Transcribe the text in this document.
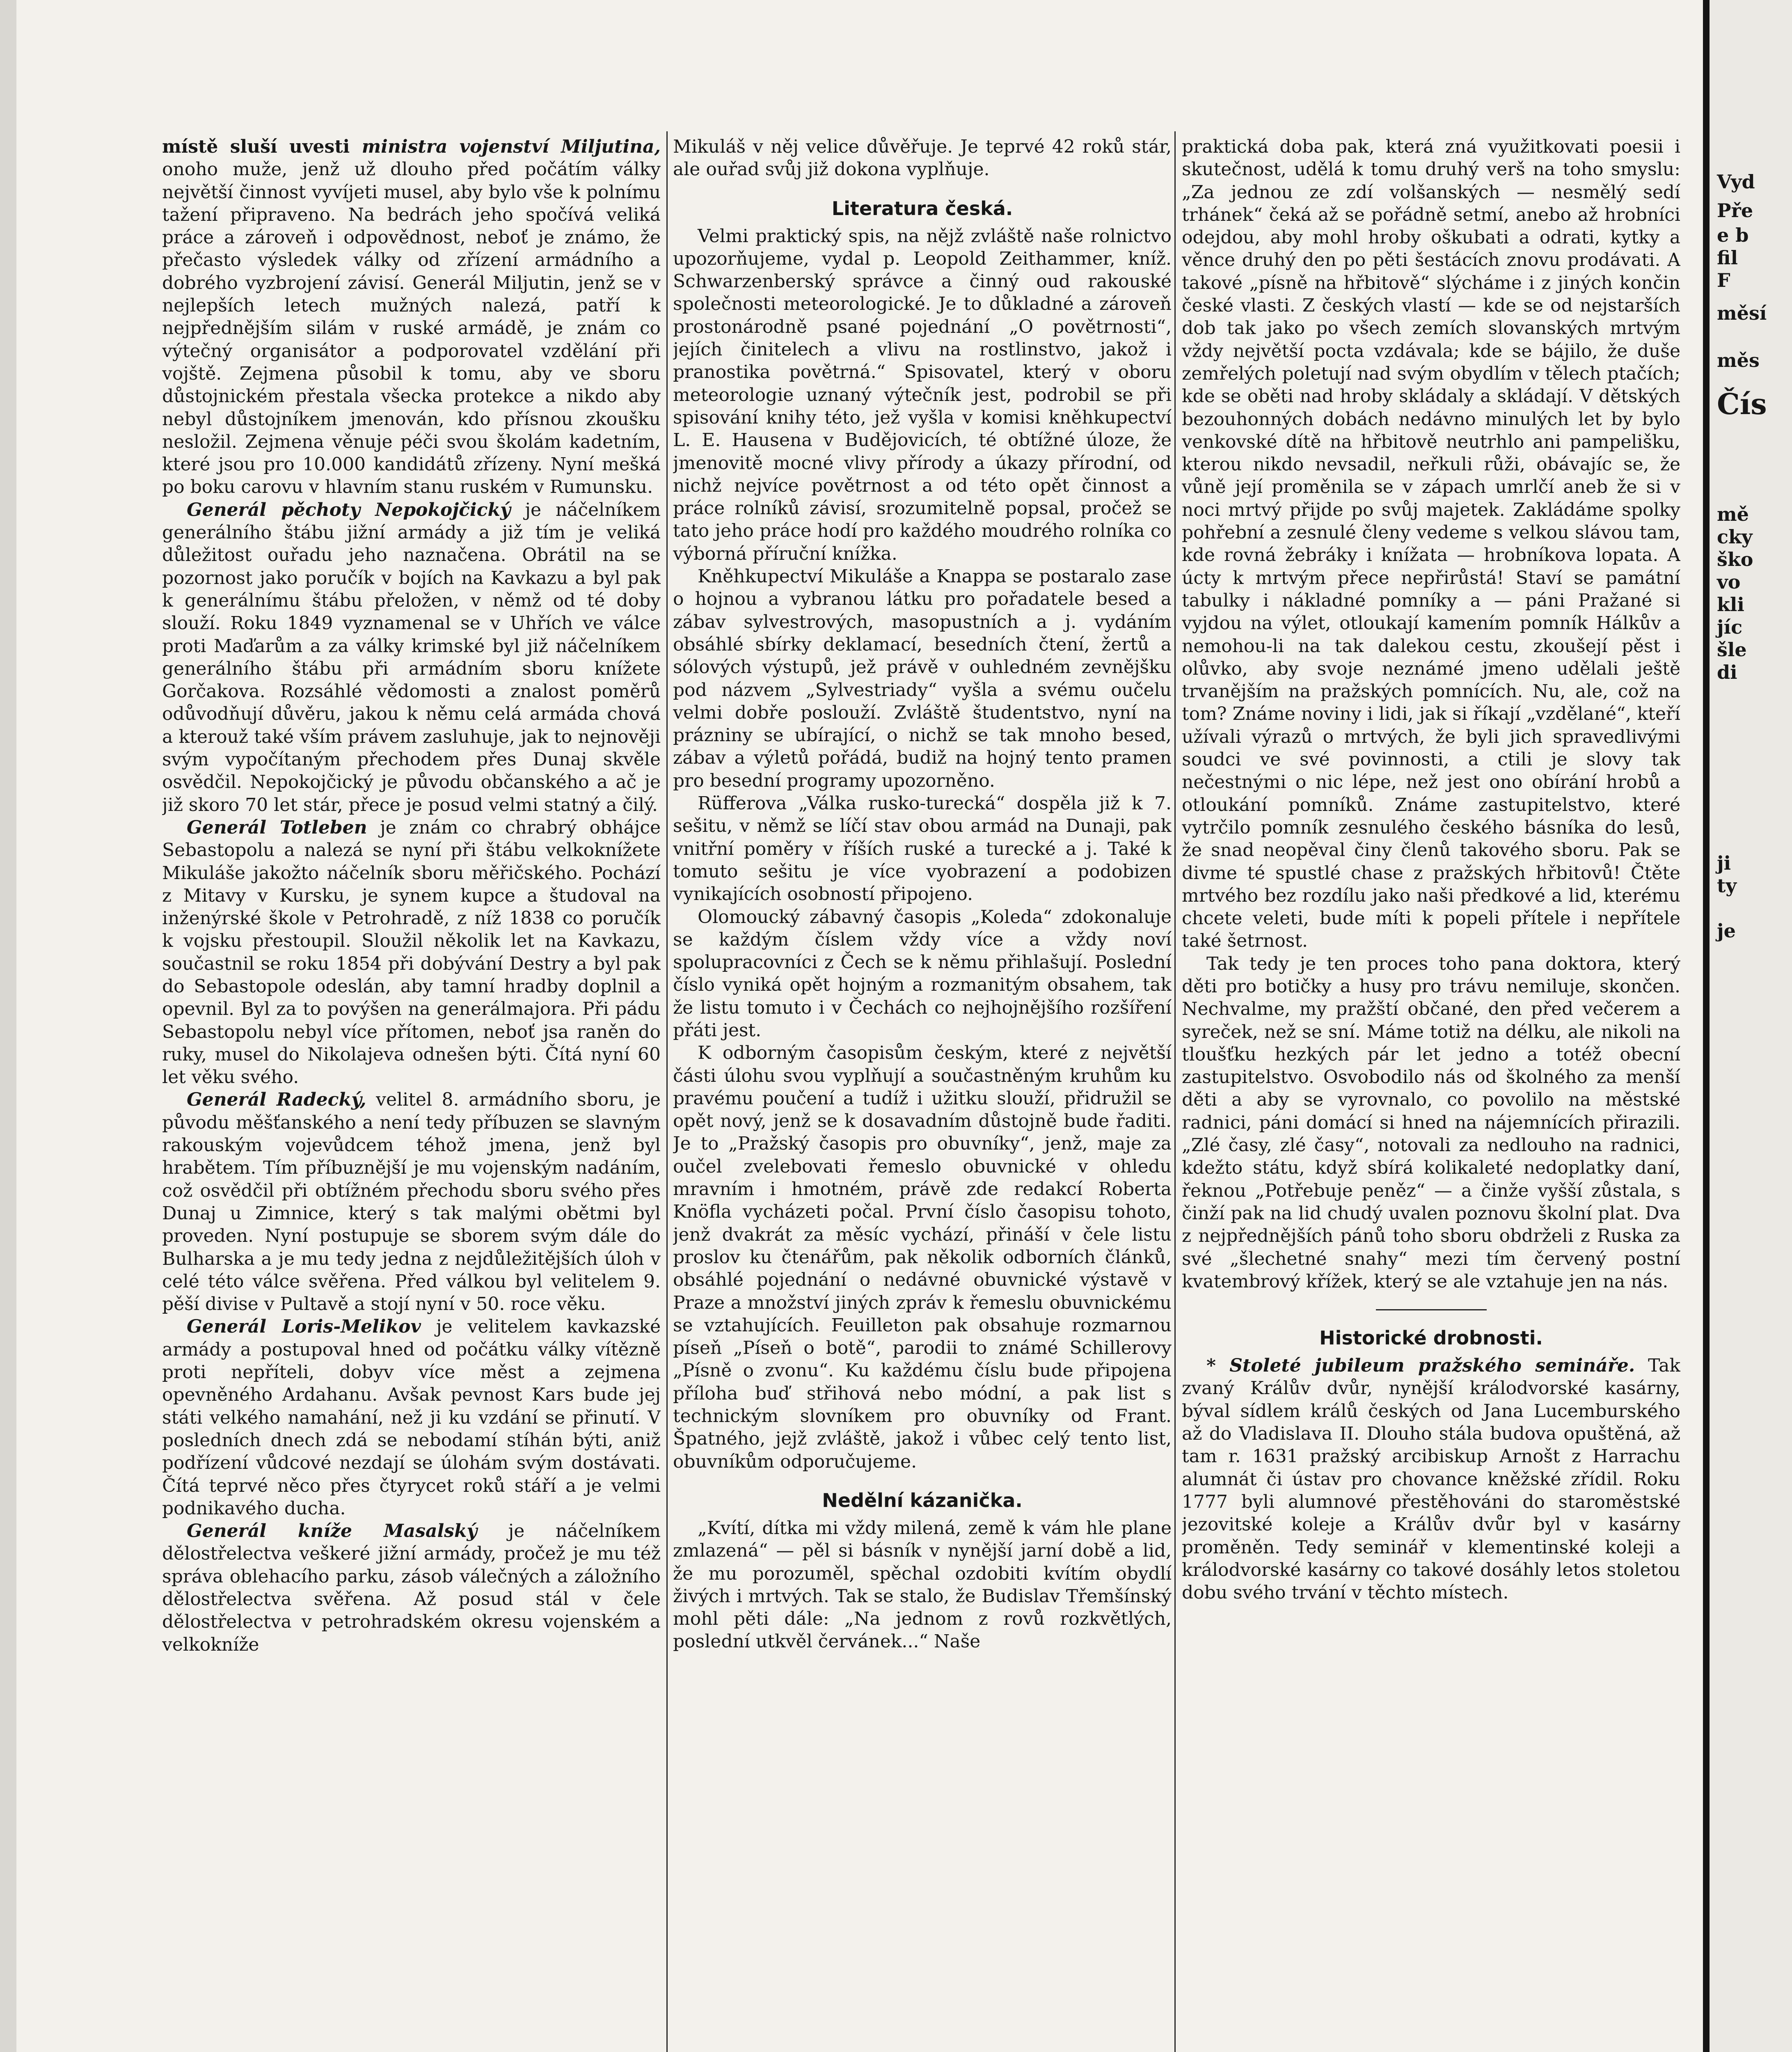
místě sluší uvesti ministra vojenství Miljutina, onoho muže, jenž už dlouho před počátím války největší činnost vyvíjeti musel, aby bylo vše k polnímu tažení připraveno. Na bedrách jeho spočívá veliká práce a zároveň i odpovědnost, neboť je známo, že přečasto výsledek války od zřízení armádního a dobrého vyzbrojení závisí. Generál Miljutin, jenž se v nejlepších letech mužných nalezá, patří k nejpřednějším silám v ruské armádě, je znám co výtečný organisátor a podporovatel vzdělání při vojště. Zejmena působil k tomu, aby ve sboru důstojnickém přestala všecka protekce a nikdo aby nebyl důstojníkem jmenován, kdo přísnou zkoušku nesložil. Zejmena věnuje péči svou školám kadetním, které jsou pro 10.000 kandidátů zřízeny. Nyní mešká po boku carovu v hlavním stanu ruském v Rumunsku.

Generál pěchoty Nepokojčický je náčelníkem generálního štábu jižní armády a již tím je veliká důležitost ouřadu jeho naznačena. Obrátil na se pozornost jako poručík v bojích na Kavkazu a byl pak k generálnímu štábu přeložen, v němž od té doby slouží. Roku 1849 vyznamenal se v Uhřích ve válce proti Maďarům a za války krimské byl již náčelníkem generálního štábu při armádním sboru knížete Gorčakova. Rozsáhlé vědomosti a znalost poměrů odůvodňují důvěru, jakou k němu celá armáda chová a kterouž také vším právem zasluhuje, jak to nejnověji svým vypočítaným přechodem přes Dunaj skvěle osvědčil. Nepokojčický je původu občanského a ač je již skoro 70 let stár, přece je posud velmi statný a čilý.

Generál Totleben je znám co chrabrý obhájce Sebastopolu a nalezá se nyní při štábu velkoknížete Mikuláše jakožto náčelník sboru měřičského. Pochází z Mitavy v Kursku, je synem kupce a študoval na inženýrské škole v Petrohradě, z níž 1838 co poručík k vojsku přestoupil. Sloužil několik let na Kavkazu, součastnil se roku 1854 při dobývání Destry a byl pak do Sebastopole odeslán, aby tamní hradby doplnil a opevnil. Byl za to povýšen na generálmajora. Při pádu Sebastopolu nebyl více přítomen, neboť jsa raněn do ruky, musel do Nikolajeva odnešen býti. Čítá nyní 60 let věku svého.

Generál Radecký, velitel 8. armádního sboru, je původu měšťanského a není tedy příbuzen se slavným rakouským vojevůdcem téhož jmena, jenž byl hrabětem. Tím příbuznější je mu vojenským nadáním, což osvědčil při obtížném přechodu sboru svého přes Dunaj u Zimnice, který s tak malými obětmi byl proveden. Nyní postupuje se sborem svým dále do Bulharska a je mu tedy jedna z nejdůležitějších úloh v celé této válce svěřena. Před válkou byl velitelem 9. pěší divise v Pultavě a stojí nyní v 50. roce věku.

Generál Loris-Melikov je velitelem kavkazské armády a postupoval hned od počátku války vítězně proti nepříteli, dobyv více měst a zejmena opevněného Ardahanu. Avšak pevnost Kars bude jej státi velkého namahání, než ji ku vzdání se přinutí. V posledních dnech zdá se nebodamí stíhán býti, aniž podřízení vůdcové nezdají se úlohám svým dostávati. Čítá teprvé něco přes čtyrycet roků stáří a je velmi podnikavého ducha.

Generál kníže Masalský je náčelníkem dělostřelectva veškeré jižní armády, pročež je mu též správa oblehacího parku, zásob válečných a záložního dělostřelectva svěřena. Až posud stál v čele dělostřelectva v petrohradském okresu vojenském a velkokníže

Mikuláš v něj velice důvěřuje. Je teprvé 42 roků stár, ale ouřad svůj již dokona vyplňuje.

Literatura česká.

Velmi praktický spis, na nějž zvláště naše rolnictvo upozorňujeme, vydal p. Leopold Zeithammer, kníž. Schwarzenberský správce a činný oud rakouské společnosti meteorologické. Je to důkladné a zároveň prostonárodně psané pojednání „O povětrnosti“, jejích činitelech a vlivu na rostlinstvo, jakož i pranostika povětrná.“ Spisovatel, který v oboru meteorologie uznaný výtečník jest, podrobil se při spisování knihy této, jež vyšla v komisi kněhkupectví L. E. Hausena v Budějovicích, té obtížné úloze, že jmenovitě mocné vlivy přírody a úkazy přírodní, od nichž nejvíce povětrnost a od této opět činnost a práce rolníků závisí, srozumitelně popsal, pročež se tato jeho práce hodí pro každého moudrého rolníka co výborná příruční knížka.

Kněhkupectví Mikuláše a Knappa se postaralo zase o hojnou a vybranou látku pro pořadatele besed a zábav sylvestrových, masopustních a j. vydáním obsáhlé sbírky deklamací, besedních čtení, žertů a sólových výstupů, jež právě v ouhledném zevnějšku pod názvem „Sylvestriady“ vyšla a svému oučelu velmi dobře poslouží. Zvláště študentstvo, nyní na prázniny se ubírající, o nichž se tak mnoho besed, zábav a výletů pořádá, budiž na hojný tento pramen pro besední programy upozorněno.

Rüfferova „Válka rusko-turecká“ dospěla již k 7. sešitu, v němž se líčí stav obou armád na Dunaji, pak vnitřní poměry v říších ruské a turecké a j. Také k tomuto sešitu je více vyobrazení a podobizen vynikajících osobností připojeno.

Olomoucký zábavný časopis „Koleda“ zdokonaluje se každým číslem vždy více a vždy noví spolupracovníci z Čech se k němu přihlašují. Poslední číslo vyniká opět hojným a rozmanitým obsahem, tak že listu tomuto i v Čechách co nejhojnějšího rozšíření přáti jest.

K odborným časopisům českým, které z největší části úlohu svou vyplňují a součastněným kruhům ku pravému poučení a tudíž i užitku slouží, přidružil se opět nový, jenž se k dosavadním důstojně bude řaditi. Je to „Pražský časopis pro obuvníky“, jenž, maje za oučel zvelebovati řemeslo obuvnické v ohledu mravním i hmotném, právě zde redakcí Roberta Knöfla vycházeti počal. První číslo časopisu tohoto, jenž dvakrát za měsíc vychází, přináší v čele listu proslov ku čtenářům, pak několik odborních článků, obsáhlé pojednání o nedávné obuvnické výstavě v Praze a množství jiných zpráv k řemeslu obuvnickému se vztahujících. Feuilleton pak obsahuje rozmarnou píseň „Píseň o botě“, parodii to známé Schillerovy „Písně o zvonu“. Ku každému číslu bude připojena příloha buď střihová nebo módní, a pak list s technickým slovníkem pro obuvníky od Frant. Špatného, jejž zvláště, jakož i vůbec celý tento list, obuvníkům odporučujeme.

Nedělní kázanička.

„Kvítí, dítka mi vždy milená, země k vám hle plane zmlazená“ — pěl si básník v nynější jarní době a lid, že mu porozuměl, spěchal ozdobiti kvítím obydlí živých i mrtvých. Tak se stalo, že Budislav Třemšínský mohl pěti dále: „Na jednom z rovů rozkvětlých, poslední utkvěl červánek...“ Naše

praktická doba pak, která zná využitkovati poesii i skutečnost, udělá k tomu druhý verš na toho smyslu: „Za jednou ze zdí volšanských — nesmělý sedí trhánek“ čeká až se pořádně setmí, anebo až hrobníci odejdou, aby mohl hroby oškubati a odrati, kytky a věnce druhý den po pěti šestácích znovu prodávati. A takové „písně na hřbitově“ slýcháme i z jiných končin české vlasti. Z českých vlastí — kde se od nejstarších dob tak jako po všech zemích slovanských mrtvým vždy největší pocta vzdávala; kde se bájilo, že duše zemřelých poletují nad svým obydlím v tělech ptačích; kde se oběti nad hroby skládaly a skládají. V dětských bezouhonných dobách nedávno minulých let by bylo venkovské dítě na hřbitově neutrhlo ani pampelišku, kterou nikdo nevsadil, neřkuli růži, obávajíc se, že vůně její proměnila se v zápach umrlčí aneb že si v noci mrtvý přijde po svůj majetek. Zakládáme spolky pohřební a zesnulé členy vedeme s velkou slávou tam, kde rovná žebráky i knížata — hrobníkova lopata. A úcty k mrtvým přece nepřirůstá! Staví se památní tabulky i nákladné pomníky a — páni Pražané si vyjdou na výlet, otloukají kamením pomník Hálkův a nemohou-li na tak dalekou cestu, zkoušejí pěst i olůvko, aby svoje neznámé jmeno udělali ještě trvanějším na pražských pomnících. Nu, ale, což na tom? Známe noviny i lidi, jak si říkají „vzdělané“, kteří užívali výrazů o mrtvých, že byli jich spravedlivými soudci ve své povinnosti, a ctili je slovy tak nečestnými o nic lépe, než jest ono obírání hrobů a otloukání pomníků. Známe zastupitelstvo, které vytrčilo pomník zesnulého českého básníka do lesů, že snad neopěval činy členů takového sboru. Pak se divme té spustlé chase z pražských hřbitovů! Čtěte mrtvého bez rozdílu jako naši předkové a lid, kterému chcete veleti, bude míti k popeli přítele i nepřítele také šetrnost.

Tak tedy je ten proces toho pana doktora, který děti pro botičky a husy pro trávu nemiluje, skončen. Nechvalme, my pražští občané, den před večerem a syreček, než se sní. Máme totiž na délku, ale nikoli na tloušťku hezkých pár let jedno a totéž obecní zastupitelstvo. Osvobodilo nás od školného za menší děti a aby se vyrovnalo, co povolilo na městské radnici, páni domácí si hned na nájemnících přirazili. „Zlé časy, zlé časy“, notovali za nedlouho na radnici, kdežto státu, když sbírá kolikaleté nedoplatky daní, řeknou „Potřebuje peněz“ — a činže vyšší zůstala, s činží pak na lid chudý uvalen poznovu školní plat. Dva z nejpřednějších pánů toho sboru obdrželi z Ruska za své „šlechetné snahy“ mezi tím červený postní kvatembrový křížek, který se ale vztahuje jen na nás.

Historické drobnosti.

* Stoleté jubileum pražského semináře. Tak zvaný Králův dvůr, nynější králodvorské kasárny, býval sídlem králů českých od Jana Lucemburského až do Vladislava II. Dlouho stála budova opuštěná, až tam r. 1631 pražský arcibiskup Arnošt z Harrachu alumnát či ústav pro chovance kněžské zřídil. Roku 1777 byli alumnové přestěhováni do staroměstské jezovitské koleje a Králův dvůr byl v kasárny proměněn. Tedy seminář v klementinské koleji a králodvorské kasárny co takové dosáhly letos stoletou dobu svého trvání v těchto místech.

Vyd
Pře
e b
fil
F
měsí
měs
Čís
mě
cky
ško
vo
kli
jíc
šle
di
ji
ty
je
